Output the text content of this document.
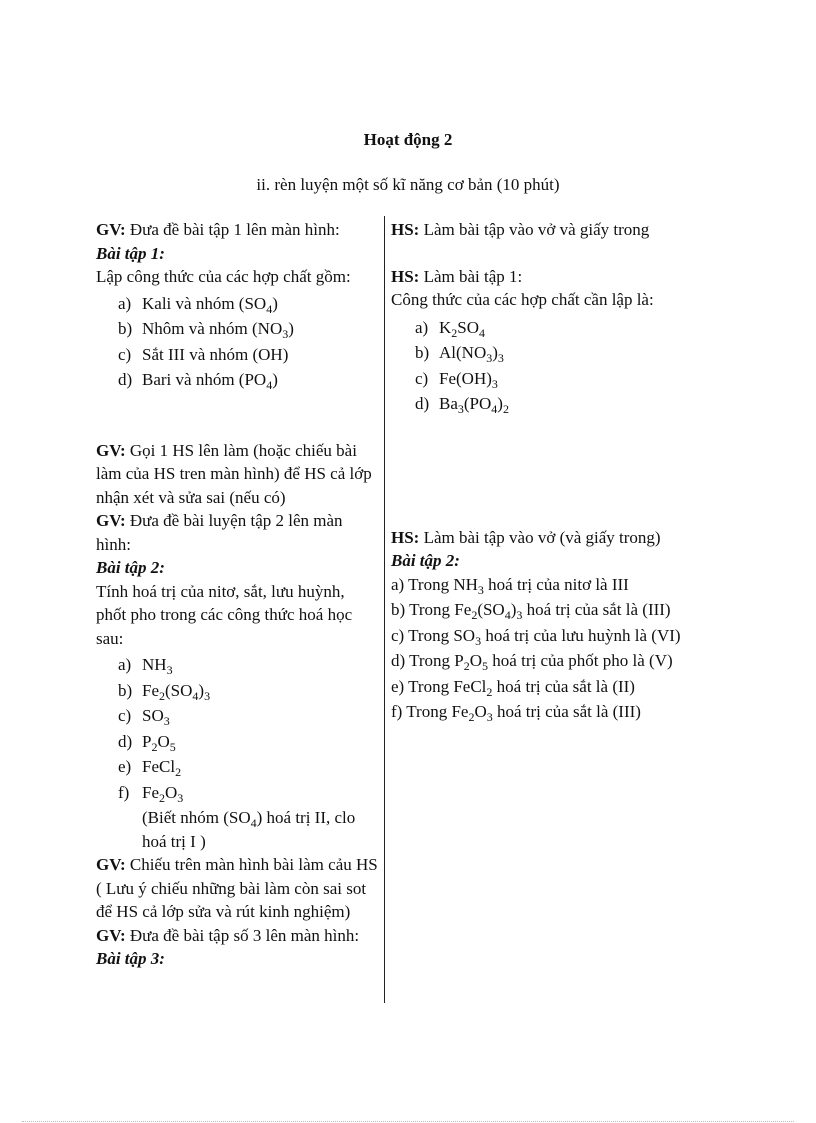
Hoạt động 2
ii. rèn luyện một số kĩ năng cơ bản (10 phút)

GV: Đưa đề bài tập 1 lên màn hình:

Bài tập 1:

Lập công thức của các hợp chất gồm:

a) Kali và nhóm $(SO_4)$
b) Nhôm và nhóm $(NO_3)$
c) Sắt III và nhóm (OH)
d) Bari và nhóm $(PO_4)$

GV: Gọi 1 HS lên làm (hoặc chiếu bài làm của HS tren màn hình) để HS cả lớp nhận xét và sửa sai (nếu có)

GV: Đưa đề bài luyện tập 2 lên màn hình:

Bài tập 2:

Tính hoá trị của nitơ, sắt, lưu huỳnh, phốt pho trong các công thức hoá học sau:

a) $NH_3$
b) $Fe_2(SO_4)_3$
c) $SO_3$
d) $P_2O_5$
e) FeCl$_2$
f) $Fe_2O_3$

(Biết nhóm $(SO_4)$ hoá trị II, clo hoá trị I )

GV: Chiếu trên màn hình bài làm cảu HS ( Lưu ý chiếu những bài làm còn sai sot để HS cả lớp sửa và rút kinh nghiệm)

GV: Đưa đề bài tập số 3 lên màn hình:

Bài tập 3:

HS: Làm bài tập vào vở và giấy trong

HS: Làm bài tập 1:

Công thức của các hợp chất cần lập là:

a) $K_2SO_4$
b) $Al(NO_3)_3$
c) $Fe(OH)_3$
d) $Ba_3(PO_4)_2$

HS: Làm bài tập vào vở (và giấy trong)

Bài tập 2:

a) Trong $NH_3$ hoá trị của nitơ là III

b) Trong $Fe_2(SO_4)_3$ hoá trị của sắt là (III)

c) Trong $SO_3$ hoá trị của lưu huỳnh là (VI)

d) Trong $P_2O_5$ hoá trị của phốt pho là (V)

e) Trong FeCl$_2$ hoá trị của sắt là (II)

f) Trong $Fe_2O_3$ hoá trị của sắt là (III)
